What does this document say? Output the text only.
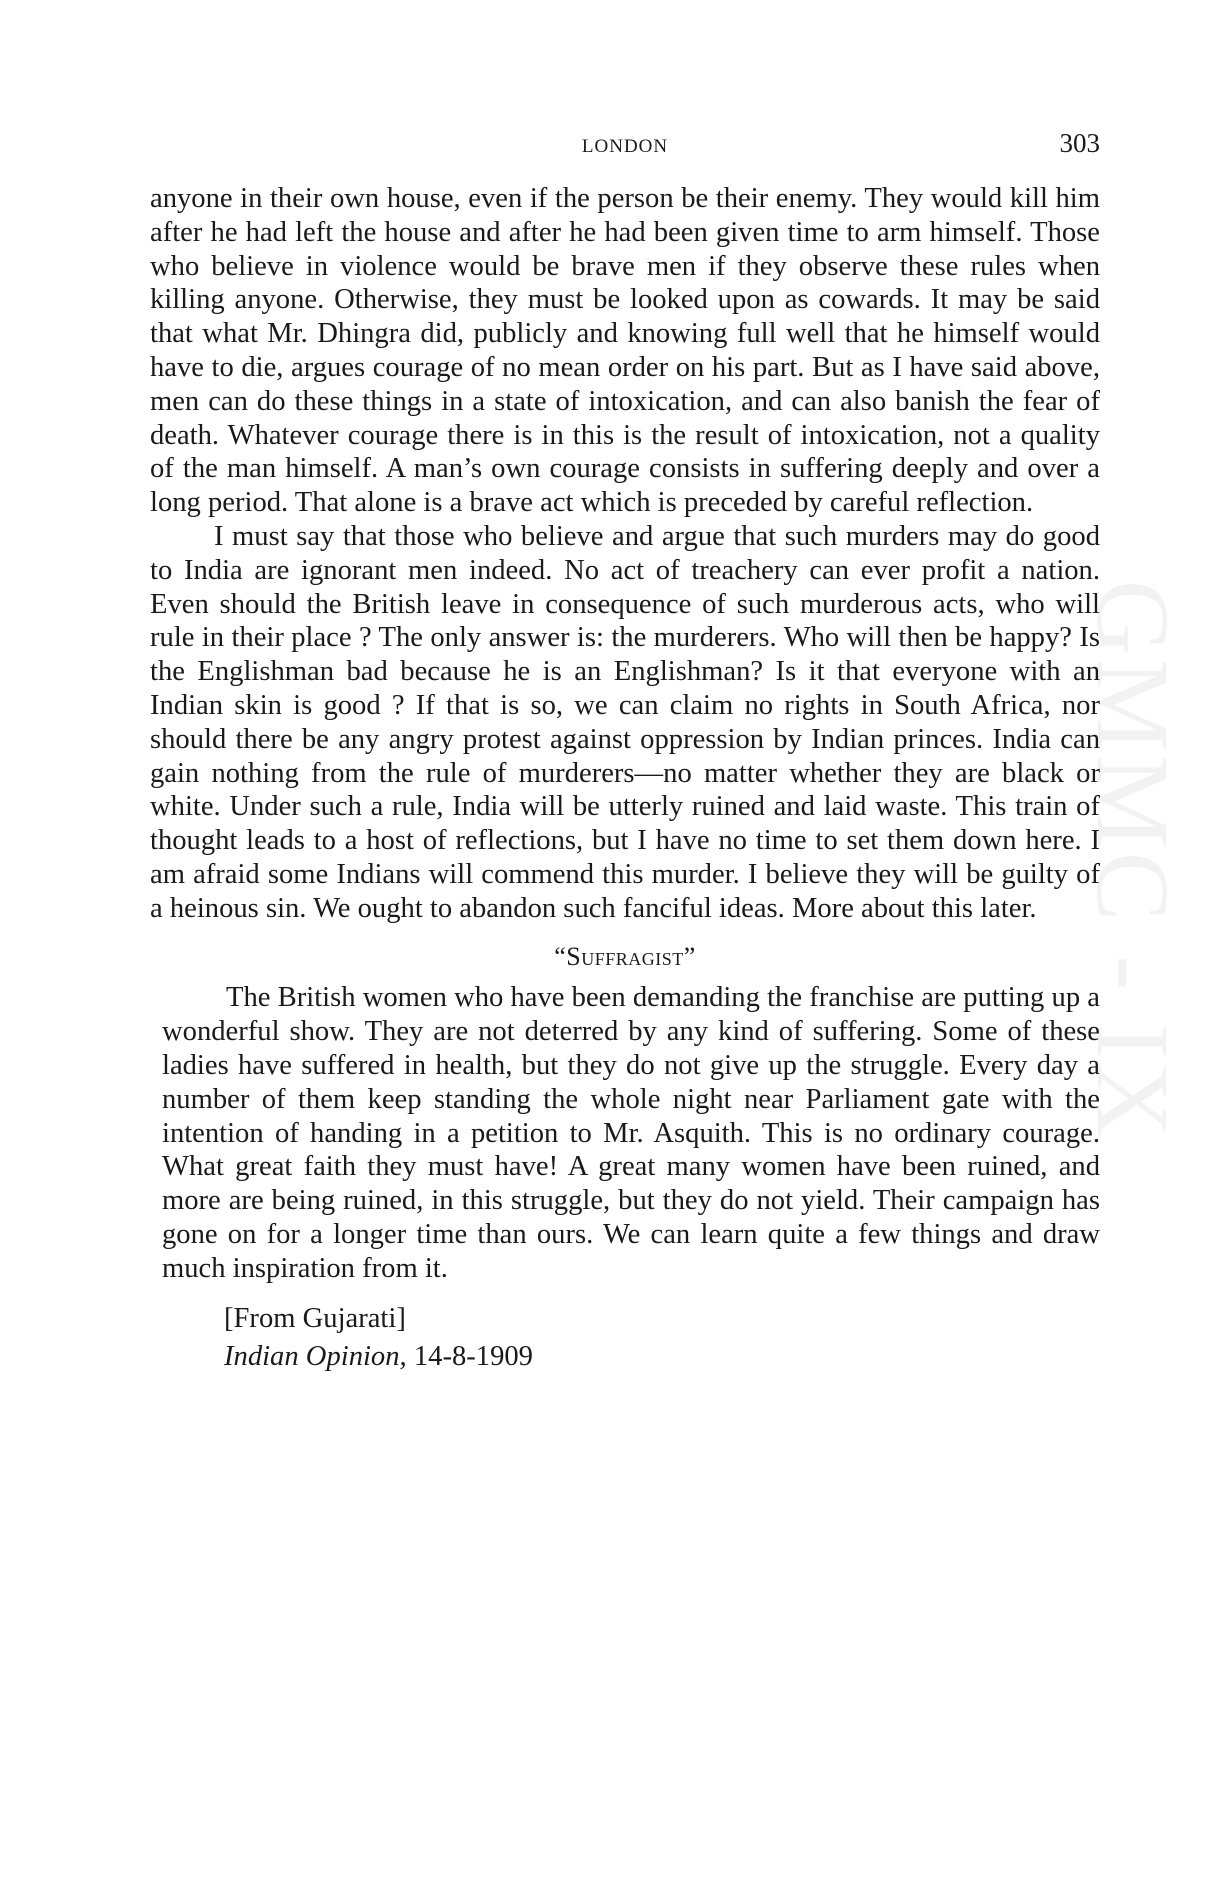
LONDON	303

anyone in their own house, even if the person be their enemy. They would kill him after he had left the house and after he had been given time to arm himself. Those who believe in violence would be brave men if they observe these rules when killing anyone. Otherwise, they must be looked upon as cowards. It may be said that what Mr. Dhingra did, publicly and knowing full well that he himself would have to die, argues courage of no mean order on his part. But as I have said above, men can do these things in a state of intoxication, and can also banish the fear of death. Whatever courage there is in this is the result of intoxication, not a quality of the man himself. A man’s own courage consists in suffering deeply and over a long period. That alone is a brave act which is preceded by careful reflection.

I must say that those who believe and argue that such murders may do good to India are ignorant men indeed. No act of treachery can ever profit a nation. Even should the British leave in consequence of such murderous acts, who will rule in their place ? The only answer is: the murderers. Who will then be happy? Is the Englishman bad because he is an Englishman? Is it that everyone with an Indian skin is good ? If that is so, we can claim no rights in South Africa, nor should there be any angry protest against oppression by Indian princes. India can gain nothing from the rule of murderers—no matter whether they are black or white. Under such a rule, India will be utterly ruined and laid waste. This train of thought leads to a host of reflections, but I have no time to set them down here. I am afraid some Indians will commend this murder. I believe they will be guilty of a heinous sin. We ought to abandon such fanciful ideas. More about this later.

“Suffragist”

The British women who have been demanding the franchise are putting up a wonderful show. They are not deterred by any kind of suffering. Some of these ladies have suffered in health, but they do not give up the struggle. Every day a number of them keep standing the whole night near Parliament gate with the intention of handing in a petition to Mr. Asquith. This is no ordinary courage. What great faith they must have! A great many women have been ruined, and more are being ruined, in this struggle, but they do not yield. Their campaign has gone on for a longer time than ours. We can learn quite a few things and draw much inspiration from it.

[From Gujarati]
Indian Opinion, 14-8-1909
GMMC - IX
